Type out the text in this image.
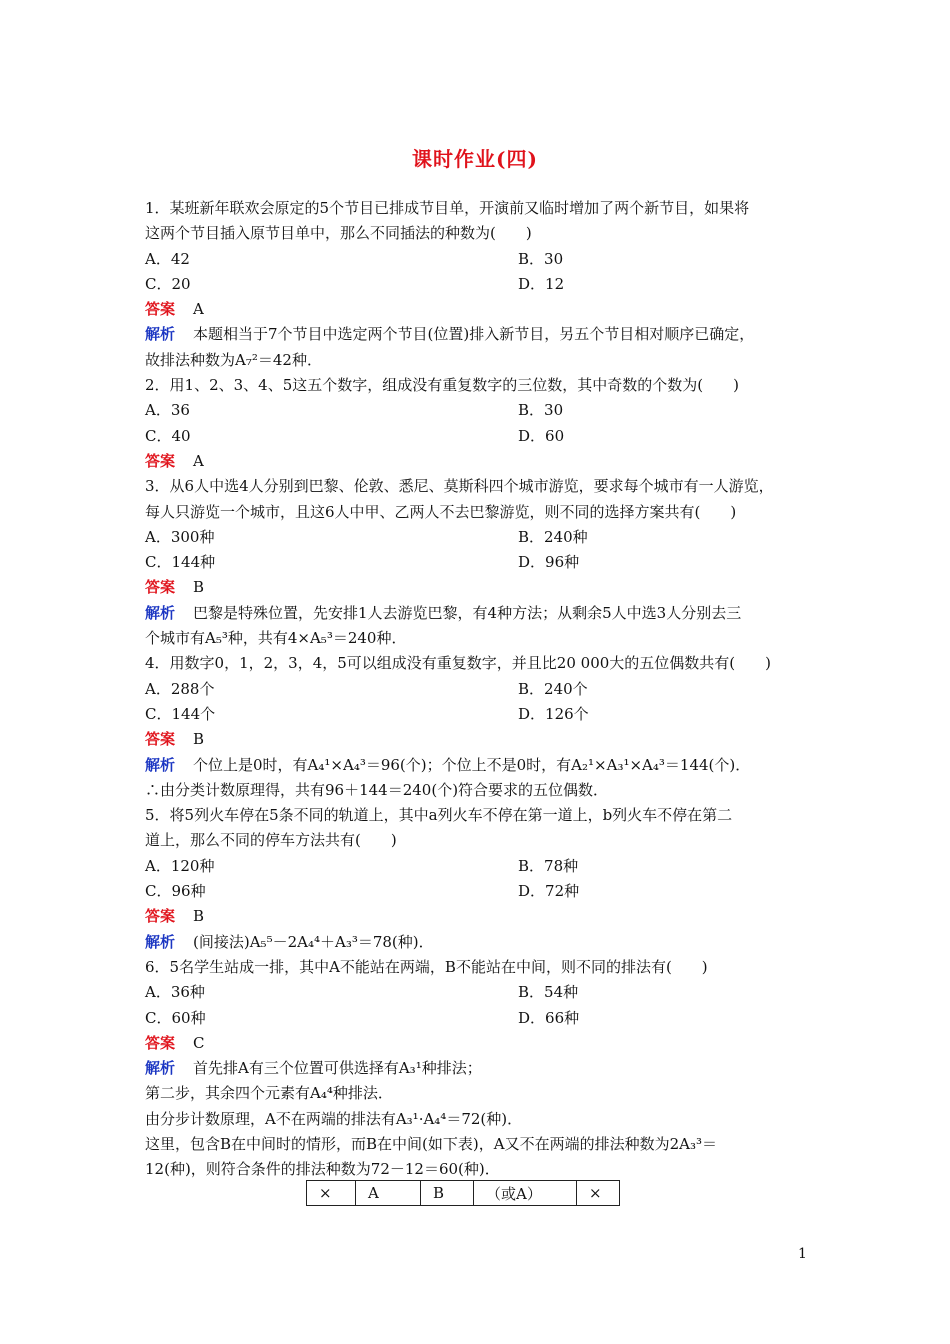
课时作业(四)
1．某班新年联欢会原定的5个节目已排成节目单，开演前又临时增加了两个新节目，如果将
这两个节目插入原节目单中，那么不同插法的种数为(　　)
A．42	B．30
C．20	D．12
答案 A
解析 本题相当于7个节目中选定两个节目(位置)排入新节目，另五个节目相对顺序已确定，
故排法种数为A₇²＝42种．
2．用1、2、3、4、5这五个数字，组成没有重复数字的三位数，其中奇数的个数为(　　)
A．36	B．30
C．40	D．60
答案 A
3．从6人中选4人分别到巴黎、伦敦、悉尼、莫斯科四个城市游览，要求每个城市有一人游览，
每人只游览一个城市，且这6人中甲、乙两人不去巴黎游览，则不同的选择方案共有(　　)
A．300种	B．240种
C．144种	D．96种
答案 B
解析 巴黎是特殊位置，先安排1人去游览巴黎，有4种方法；从剩余5人中选3人分别去三
个城市有A₅³种，共有4×A₅³＝240种．
4．用数字0，1，2，3，4，5可以组成没有重复数字，并且比20 000大的五位偶数共有(　　)
A．288个	B．240个
C．144个	D．126个
答案 B
解析 个位上是0时，有A₄¹×A₄³＝96(个)；个位上不是0时，有A₂¹×A₃¹×A₄³＝144(个)．
∴由分类计数原理得，共有96＋144＝240(个)符合要求的五位偶数．
5．将5列火车停在5条不同的轨道上，其中a列火车不停在第一道上，b列火车不停在第二
道上，那么不同的停车方法共有(　　)
A．120种	B．78种
C．96种	D．72种
答案 B
解析 (间接法)A₅⁵－2A₄⁴＋A₃³＝78(种)．
6．5名学生站成一排，其中A不能站在两端，B不能站在中间，则不同的排法有(　　)
A．36种	B．54种
C．60种	D．66种
答案 C
解析 首先排A有三个位置可供选择有A₃¹种排法；
第二步，其余四个元素有A₄⁴种排法．
由分步计数原理，A不在两端的排法有A₃¹·A₄⁴＝72(种)．
这里，包含B在中间时的情形，而B在中间(如下表)，A又不在两端的排法种数为2A₃³＝
12(种)，则符合条件的排法种数为72－12＝60(种)．
×	A	B	（或A）	×
1
